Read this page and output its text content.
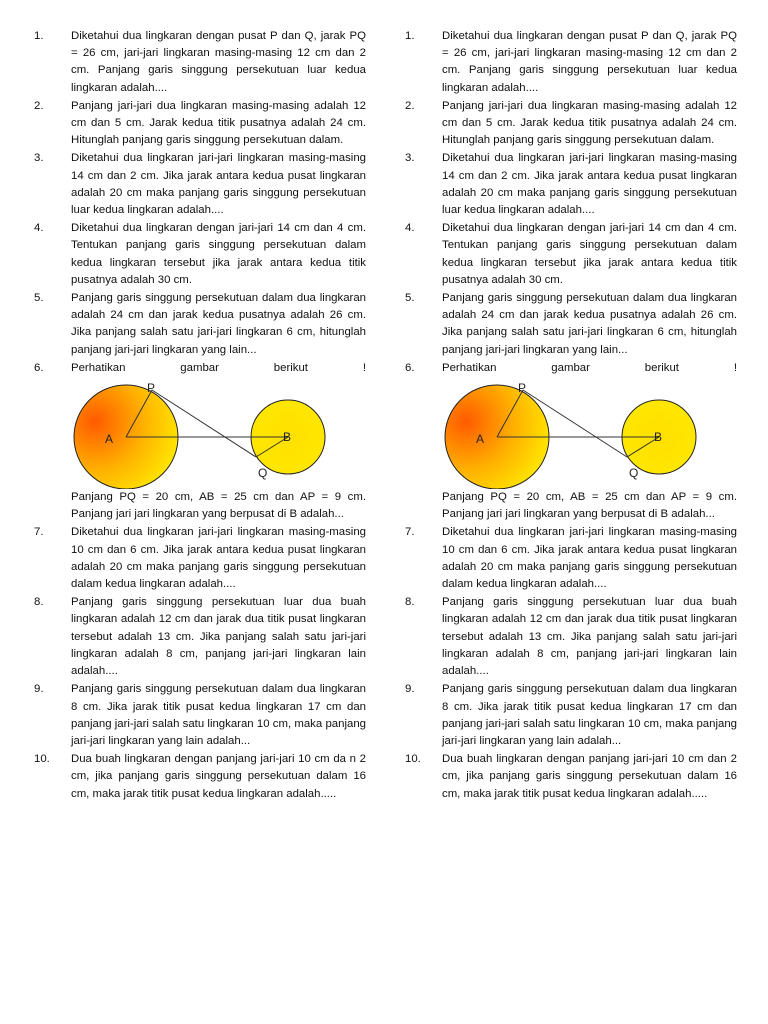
1.	Diketahui dua lingkaran dengan pusat P dan Q, jarak PQ = 26 cm, jari-jari lingkaran masing-masing 12 cm dan 2 cm. Panjang garis singgung persekutuan luar kedua lingkaran adalah....
2.	Panjang jari-jari dua lingkaran masing-masing adalah 12 cm dan 5 cm. Jarak kedua titik pusatnya adalah 24 cm. Hitunglah panjang garis singgung persekutuan dalam.
3.	Diketahui dua lingkaran jari-jari lingkaran masing-masing 14 cm dan 2 cm. Jika jarak antara kedua pusat lingkaran adalah 20 cm maka panjang garis singgung persekutuan luar kedua lingkaran adalah....
4.	Diketahui dua lingkaran dengan jari-jari 14 cm dan 4 cm. Tentukan panjang garis singgung persekutuan dalam kedua lingkaran tersebut jika jarak antara kedua titik pusatnya adalah 30 cm.
5.	Panjang garis singgung persekutuan dalam dua lingkaran adalah 24 cm dan jarak kedua pusatnya adalah 26 cm. Jika panjang salah satu jari-jari lingkaran 6 cm, hitunglah panjang jari-jari lingkaran yang lain...
6.	Perhatikan gambar berikut !
P
A	B
Q

Panjang PQ = 20 cm, AB = 25 cm dan AP = 9 cm. Panjang jari jari lingkaran yang berpusat di B adalah...

7.	Diketahui dua lingkaran jari-jari lingkaran masing-masing 10 cm dan 6 cm. Jika jarak antara kedua pusat lingkaran adalah 20 cm maka panjang garis singgung persekutuan dalam kedua lingkaran adalah....
8.	Panjang garis singgung persekutuan luar dua buah lingkaran adalah 12 cm dan jarak dua titik pusat lingkaran tersebut adalah 13 cm. Jika panjang salah satu jari-jari lingkaran adalah 8 cm, panjang jari-jari lingkaran lain adalah....
9.	Panjang garis singgung persekutuan dalam dua lingkaran 8 cm. Jika jarak titik pusat kedua lingkaran 17 cm dan panjang jari-jari salah satu lingkaran 10 cm, maka panjang jari-jari lingkaran yang lain adalah...
10.	Dua buah lingkaran dengan panjang jari-jari 10 cm da n 2 cm, jika panjang garis singgung persekutuan dalam 16 cm, maka jarak titik pusat kedua lingkaran adalah.....
1.	Diketahui dua lingkaran dengan pusat P dan Q, jarak PQ = 26 cm, jari-jari lingkaran masing-masing 12 cm dan 2 cm. Panjang garis singgung persekutuan luar kedua lingkaran adalah....
2.	Panjang jari-jari dua lingkaran masing-masing adalah 12 cm dan 5 cm. Jarak kedua titik pusatnya adalah 24 cm. Hitunglah panjang garis singgung persekutuan dalam.
3.	Diketahui dua lingkaran jari-jari lingkaran masing-masing 14 cm dan 2 cm. Jika jarak antara kedua pusat lingkaran adalah 20 cm maka panjang garis singgung persekutuan luar kedua lingkaran adalah....
4.	Diketahui dua lingkaran dengan jari-jari 14 cm dan 4 cm. Tentukan panjang garis singgung persekutuan dalam kedua lingkaran tersebut jika jarak antara kedua titik pusatnya adalah 30 cm.
5.	Panjang garis singgung persekutuan dalam dua lingkaran adalah 24 cm dan jarak kedua pusatnya adalah 26 cm. Jika panjang salah satu jari-jari lingkaran 6 cm, hitunglah panjang jari-jari lingkaran yang lain...
6.	Perhatikan gambar berikut !
P
A	B
Q

Panjang PQ = 20 cm, AB = 25 cm dan AP = 9 cm. Panjang jari jari lingkaran yang berpusat di B adalah...

7.	Diketahui dua lingkaran jari-jari lingkaran masing-masing 10 cm dan 6 cm. Jika jarak antara kedua pusat lingkaran adalah 20 cm maka panjang garis singgung persekutuan dalam kedua lingkaran adalah....
8.	Panjang garis singgung persekutuan luar dua buah lingkaran adalah 12 cm dan jarak dua titik pusat lingkaran tersebut adalah 13 cm. Jika panjang salah satu jari-jari lingkaran adalah 8 cm, panjang jari-jari lingkaran lain adalah....
9.	Panjang garis singgung persekutuan dalam dua lingkaran 8 cm. Jika jarak titik pusat kedua lingkaran 17 cm dan panjang jari-jari salah satu lingkaran 10 cm, maka panjang jari-jari lingkaran yang lain adalah...
10.	Dua buah lingkaran dengan panjang jari-jari 10 cm dan 2 cm, jika panjang garis singgung persekutuan dalam 16 cm, maka jarak titik pusat kedua lingkaran adalah.....
